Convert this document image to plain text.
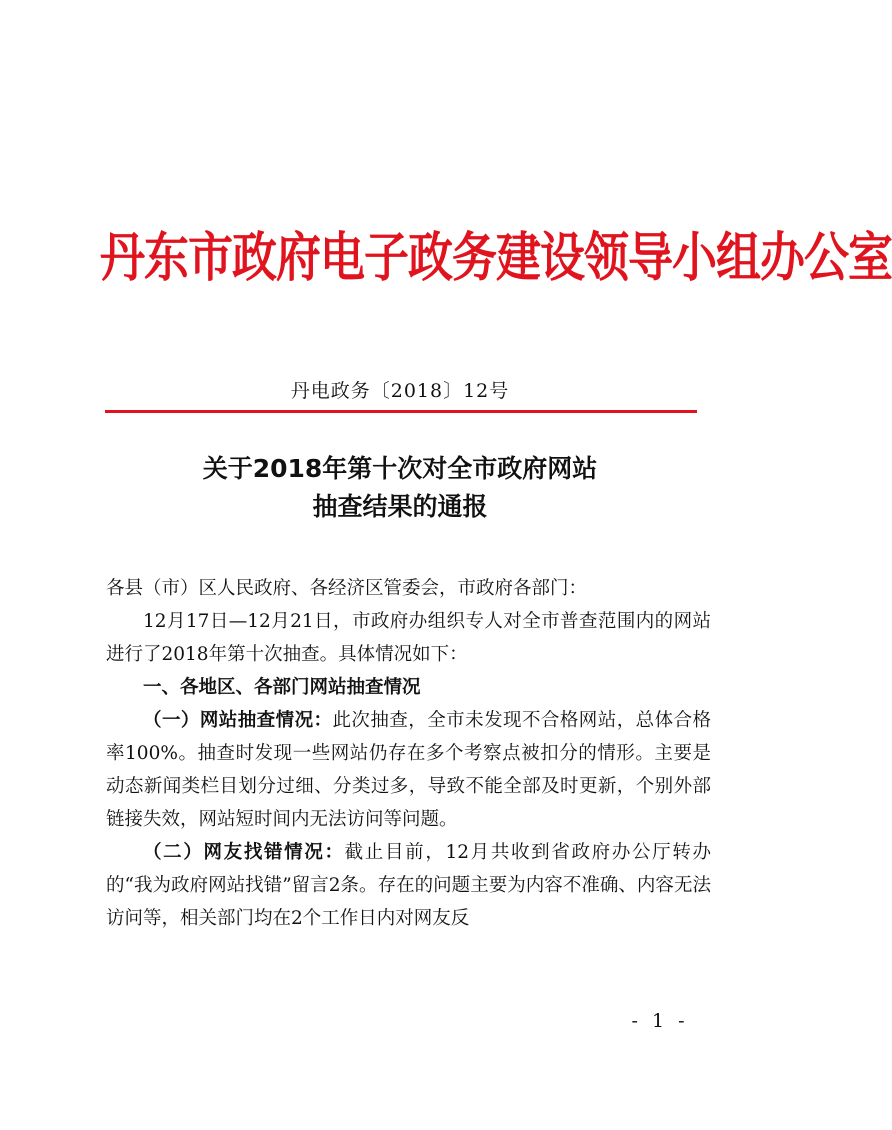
丹东市政府电子政务建设领导小组办公室
丹电政务〔2018〕12号
关于2018年第十次对全市政府网站
抽查结果的通报

各县（市）区人民政府、各经济区管委会，市政府各部门：

12月17日—12月21日，市政府办组织专人对全市普查范围内的网站进行了2018年第十次抽查。具体情况如下：

一、各地区、各部门网站抽查情况

（一）网站抽查情况：此次抽查，全市未发现不合格网站，总体合格率100%。抽查时发现一些网站仍存在多个考察点被扣分的情形。主要是动态新闻类栏目划分过细、分类过多，导致不能全部及时更新，个别外部链接失效，网站短时间内无法访问等问题。

（二）网友找错情况：截止目前，12月共收到省政府办公厅转办的“我为政府网站找错”留言2条。存在的问题主要为内容不准确、内容无法访问等，相关部门均在2个工作日内对网友反

- 1 -
